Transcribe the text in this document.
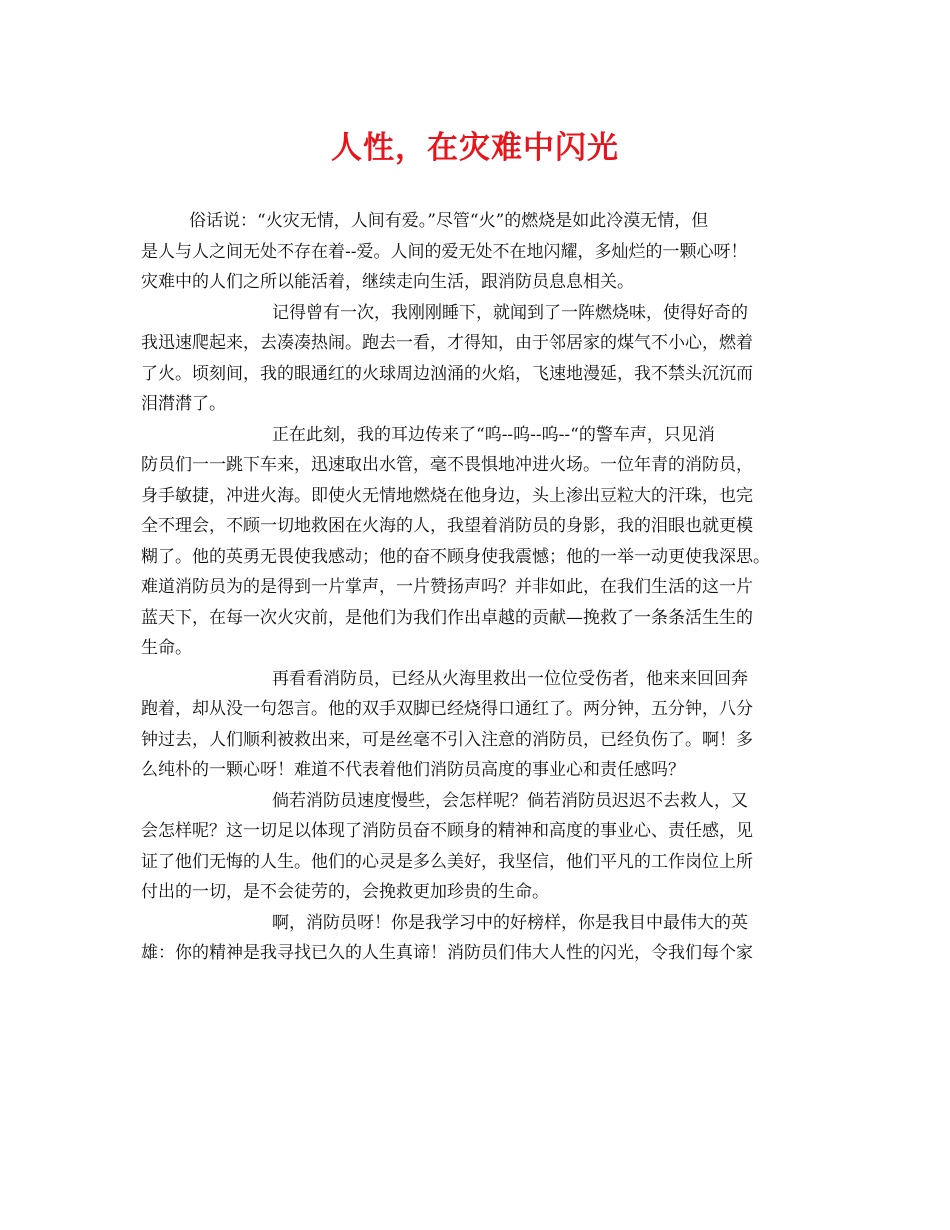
人性，在灾难中闪光
俗话说：“火灾无情，人间有爱。”尽管“火”的燃烧是如此冷漠无情，但
是人与人之间无处不存在着--爱。人间的爱无处不在地闪耀，多灿烂的一颗心呀！
灾难中的人们之所以能活着，继续走向生活，跟消防员息息相关。
记得曾有一次，我刚刚睡下，就闻到了一阵燃烧味，使得好奇的
我迅速爬起来，去凑凑热闹。跑去一看，才得知，由于邻居家的煤气不小心，燃着
了火。顷刻间，我的眼通红的火球周边汹涌的火焰，飞速地漫延，我不禁头沉沉而
泪潸潸了。
正在此刻，我的耳边传来了“呜--呜--呜--“的警车声，只见消
防员们一一跳下车来，迅速取出水管，毫不畏惧地冲进火场。一位年青的消防员，
身手敏捷，冲进火海。即使火无情地燃烧在他身边，头上渗出豆粒大的汗珠，也完
全不理会，不顾一切地救困在火海的人，我望着消防员的身影，我的泪眼也就更模
糊了。他的英勇无畏使我感动；他的奋不顾身使我震憾；他的一举一动更使我深思。
难道消防员为的是得到一片掌声，一片赞扬声吗？并非如此，在我们生活的这一片
蓝天下，在每一次火灾前，是他们为我们作出卓越的贡献—挽救了一条条活生生的
生命。
再看看消防员，已经从火海里救出一位位受伤者，他来来回回奔
跑着，却从没一句怨言。他的双手双脚已经烧得口通红了。两分钟，五分钟，八分
钟过去，人们顺利被救出来，可是丝毫不引入注意的消防员，已经负伤了。啊！多
么纯朴的一颗心呀！难道不代表着他们消防员高度的事业心和责任感吗？
倘若消防员速度慢些，会怎样呢？倘若消防员迟迟不去救人，又
会怎样呢？这一切足以体现了消防员奋不顾身的精神和高度的事业心、责任感，见
证了他们无悔的人生。他们的心灵是多么美好，我坚信，他们平凡的工作岗位上所
付出的一切，是不会徒劳的，会挽救更加珍贵的生命。
啊，消防员呀！你是我学习中的好榜样，你是我目中最伟大的英
雄：你的精神是我寻找已久的人生真谛！消防员们伟大人性的闪光，令我们每个家
